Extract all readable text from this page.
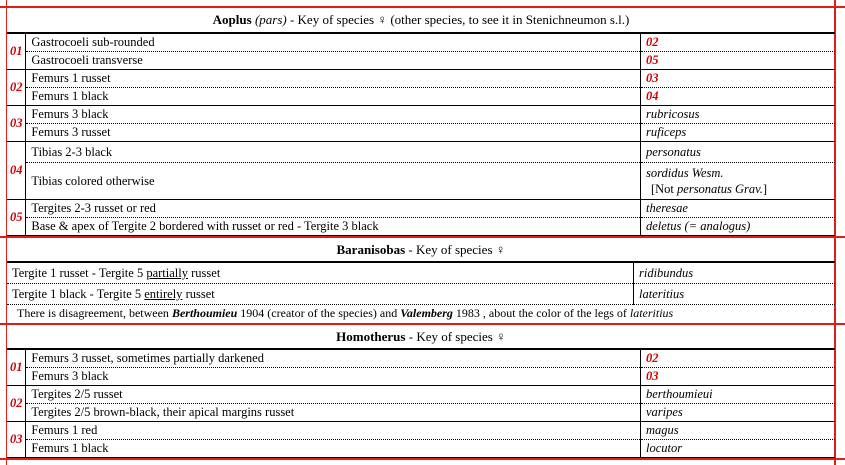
Aoplus (pars) - Key of species ♀ (other species, to see it in Stenichneumon s.l.)
01	Gastrocoeli sub-rounded	02
	Gastrocoeli transverse	05
02	Femurs 1 russet	03
	Femurs 1 black	04
03	Femurs 3 black	rubricosus
	Femurs 3 russet	ruficeps
04	Tibias 2-3 black	personatus
	Tibias colored otherwise	sordidus Wesm.
[Not personatus Grav.]

05	Tergites 2-3 russet or red	theresae
	Base & apex of Tergite 2 bordered with russet or red - Tergite 3 black	deletus (= analogus)
Baranisobas - Key of species ♀
Tergite 1 russet - Tergite 5 partially russet	ridibundus
Tergite 1 black - Tergite 5 entirely russet	lateritius
There is disagreement, between Berthoumieu 1904 (creator of the species) and Valemberg 1983 , about the color of the legs of lateritius
Homotherus - Key of species ♀
01	Femurs 3 russet, sometimes partially darkened	02
	Femurs 3 black	03
02	Tergites 2/5 russet	berthoumieui
	Tergites 2/5 brown-black, their apical margins russet	varipes
03	Femurs 1 red	magus
	Femurs 1 black	locutor
